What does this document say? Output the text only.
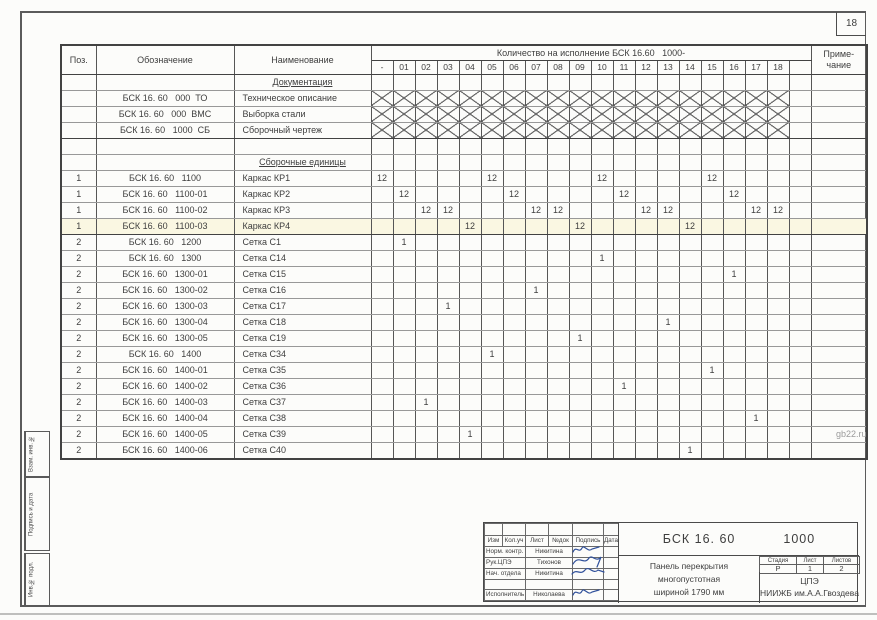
18
gb22.ru
Поз.	Обозначение	Наименование	Количество на исполнение БСК 16.60   1000-																				Приме-
чание
			-	01	02	03	04	05	06	07	08	09	10	11	12	13	14	15	16	17	18		
		Документация																					
	БСК 16. 60   000  ТО	Техническое описание																					
	БСК 16. 60   000  ВМС	Выборка стали																					
	БСК 16. 60   1000  СБ	Сборочный чертеж																					

		Сборочные единицы																					
1	БСК 16. 60   1100	Каркас КР1	12					12					12					12					
1	БСК 16. 60   1100-01	Каркас КР2		12					12					12					12				
1	БСК 16. 60   1100-02	Каркас КР3			12	12				12	12				12	12				12	12		
1	БСК 16. 60   1100-03	Каркас КР4					12					12					12						
2	БСК 16. 60   1200	Сетка С1		1																			
2	БСК 16. 60   1300	Сетка С14											1										
2	БСК 16. 60   1300-01	Сетка С15																	1				
2	БСК 16. 60   1300-02	Сетка С16								1													
2	БСК 16. 60   1300-03	Сетка С17				1																	
2	БСК 16. 60   1300-04	Сетка С18														1							
2	БСК 16. 60   1300-05	Сетка С19										1											
2	БСК 16. 60   1400	Сетка С34						1															
2	БСК 16. 60   1400-01	Сетка С35																1					
2	БСК 16. 60   1400-02	Сетка С36												1									
2	БСК 16. 60   1400-03	Сетка С37			1																		
2	БСК 16. 60   1400-04	Сетка С38																		1			
2	БСК 16. 60   1400-05	Сетка С39					1																
2	БСК 16. 60   1400-06	Сетка С40															1						

Изм	Кол.уч	Лист	№док	Подпись	Дата
Норм. контр.		Никитина	

Рук.ЦПЭ		Тихонов	

Нач. отдела		Никитина	

Исполнитель		Николаева	

БСК 16. 60	1000
Панель перекрытия
многопустотная
шириной 1790 мм
Стадия	Лист	Листов
Р	1	2
ЦПЭ
НИИЖБ им.А.А.Гвоздева
Взам. инв. №
Подпись и дата
Инв.№ подл.
